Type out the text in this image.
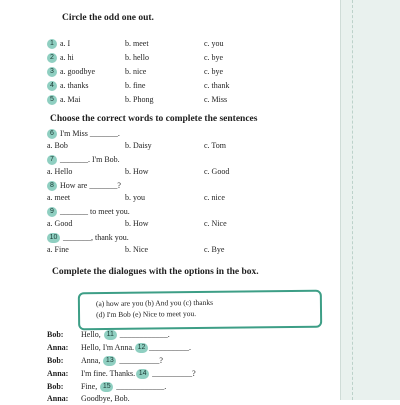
Circle the odd one out.
1 a. I	b. meet	c. you
2 a. hi	b. hello	c. bye
3 a. goodbye	b. nice	c. bye
4 a. thanks	b. fine	c. thank
5 a. Mai	b. Phong	c. Miss
Choose the correct words to complete the sentences
6 I'm Miss _______.
a. Bob	b. Daisy	c. Tom
7 _______. I'm Bob.
a. Hello	b. How	c. Good
8 How are _______?
a. meet	b. you	c. nice
9 _______ to meet you.
a. Good	b. How	c. Nice
10 _______, thank you.
a. Fine	b. Nice	c. Bye
Complete the dialogues with the options in the box.
(a) how are you (b) And you (c) thanks
(d) I'm Bob (e) Nice to meet you.
Bob: Hello, 11 ____________.
Anna: Hello, I'm Anna. 12 __________.
Bob: Anna, 13 __________?
Anna: I'm fine. Thanks. 14 __________?
Bob: Fine, 15 ____________.
Anna: Goodbye, Bob.
